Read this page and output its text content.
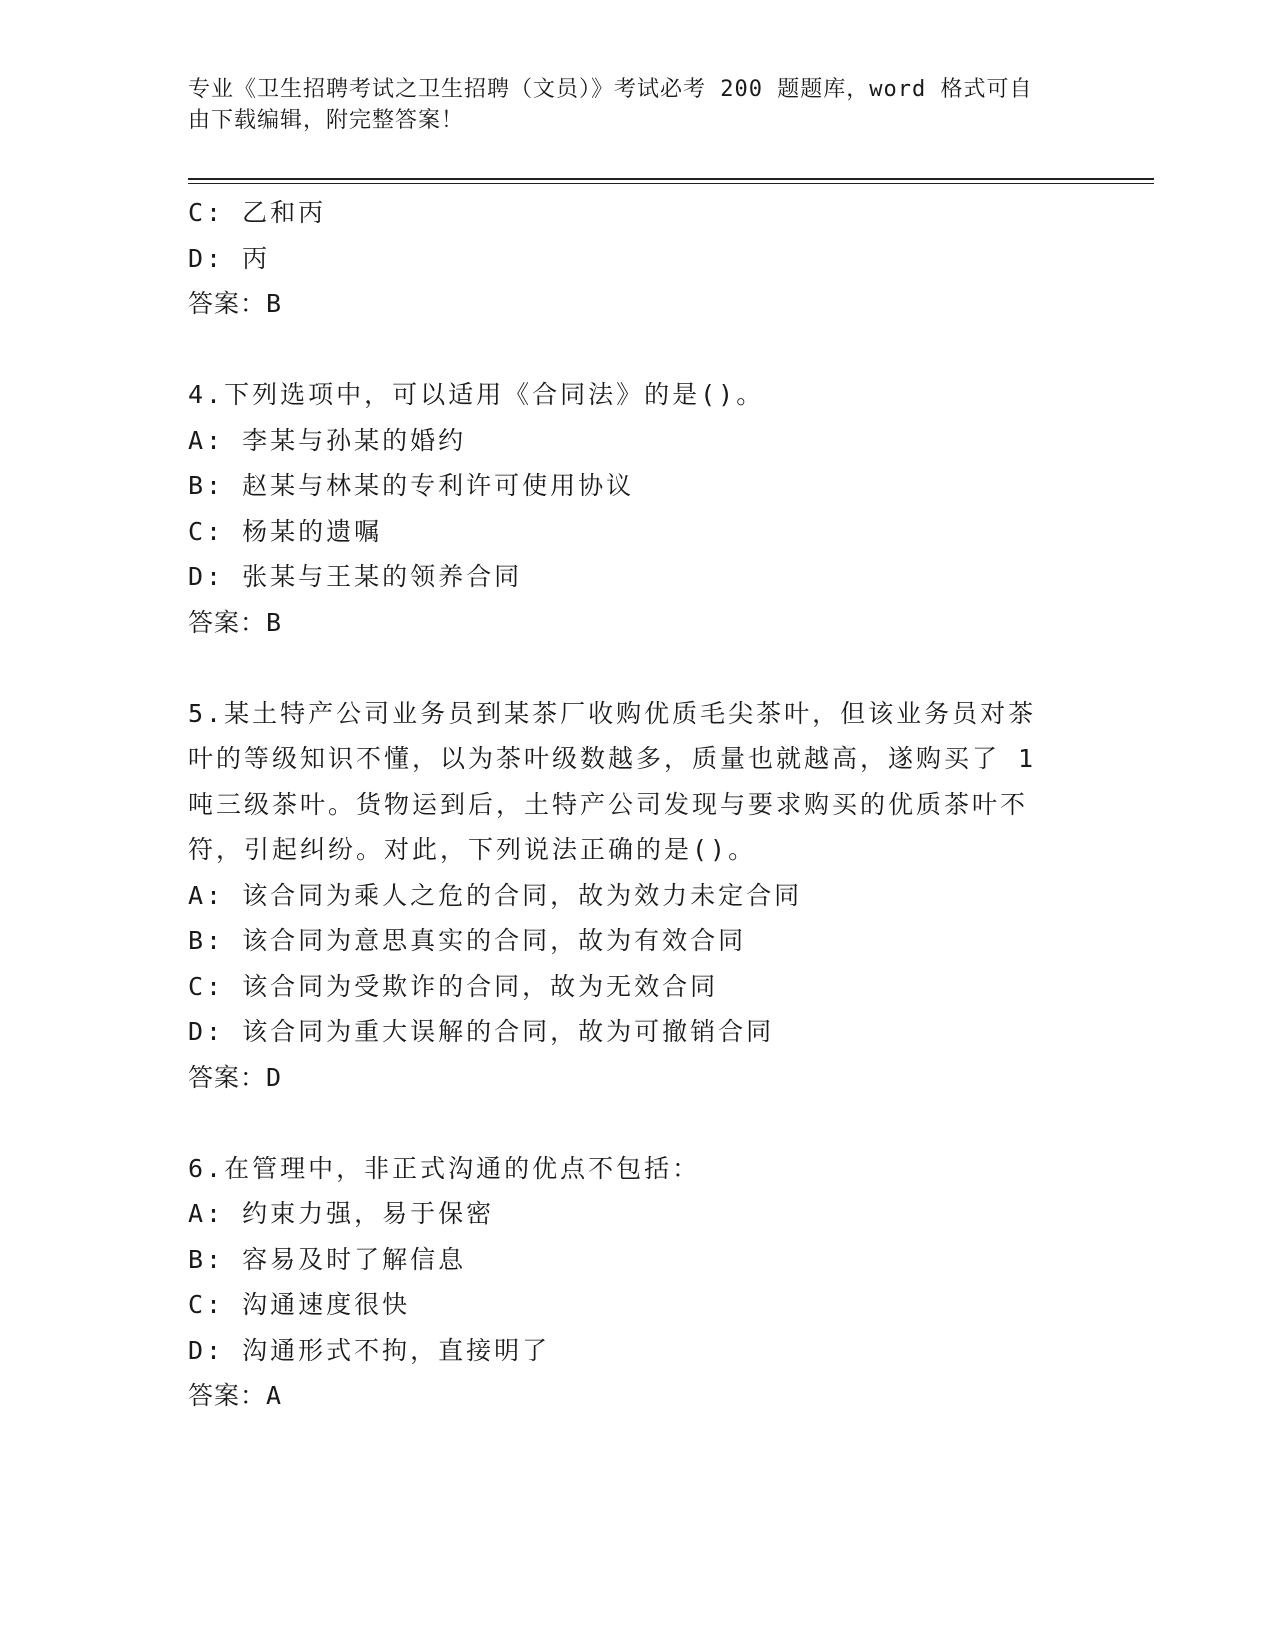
专业《卫生招聘考试之卫生招聘（文员）》考试必考 200 题题库，word 格式可自
由下载编辑，附完整答案！
C: 乙和丙
D: 丙
答案：B
4.下列选项中，可以适用《合同法》的是()。
A: 李某与孙某的婚约
B: 赵某与林某的专利许可使用协议
C: 杨某的遗嘱
D: 张某与王某的领养合同
答案：B
5.某土特产公司业务员到某茶厂收购优质毛尖茶叶，但该业务员对茶
叶的等级知识不懂，以为茶叶级数越多，质量也就越高，遂购买了 1
吨三级茶叶。货物运到后，土特产公司发现与要求购买的优质茶叶不
符，引起纠纷。对此，下列说法正确的是()。
A: 该合同为乘人之危的合同，故为效力未定合同
B: 该合同为意思真实的合同，故为有效合同
C: 该合同为受欺诈的合同，故为无效合同
D: 该合同为重大误解的合同，故为可撤销合同
答案：D
6.在管理中，非正式沟通的优点不包括：
A: 约束力强，易于保密
B: 容易及时了解信息
C: 沟通速度很快
D: 沟通形式不拘，直接明了
答案：A
